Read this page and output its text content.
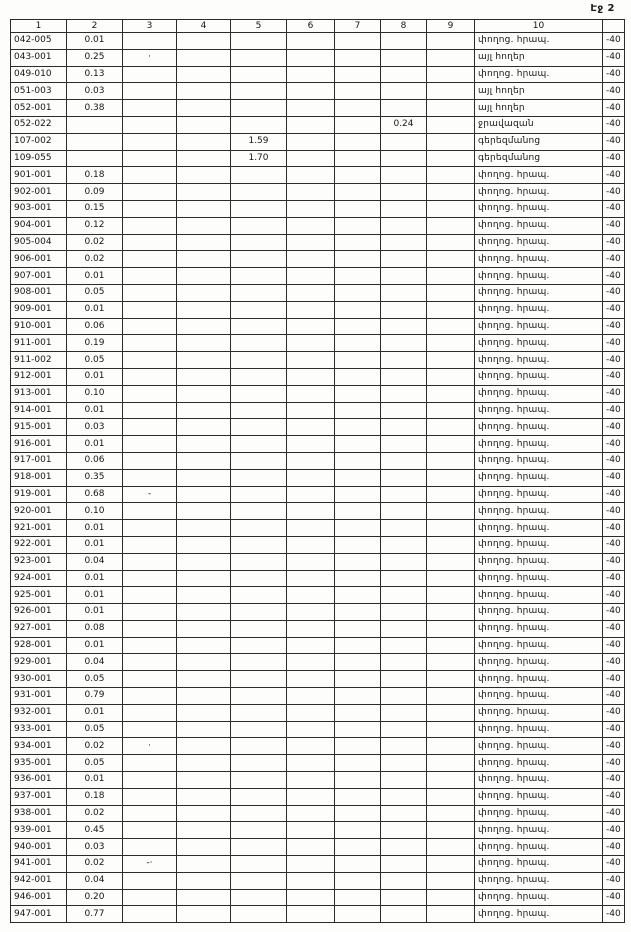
Էջ 2
1	2	3	4	5	6	7	8	9	10	
042-005	0.01								փողոց. հրապ.	-40
043-001	0.25	·							այլ հողեր	-40
049-010	0.13								փողոց. հրապ.	-40
051-003	0.03								այլ հողեր	-40
052-001	0.38								այլ հողեր	-40
052-022							0.24		ջրավազան	-40
107-002				1.59					գերեզմանոց	-40
109-055				1.70					գերեզմանոց	-40
901-001	0.18								փողոց. հրապ.	-40
902-001	0.09								փողոց. հրապ.	-40
903-001	0.15								փողոց. հրապ.	-40
904-001	0.12								փողոց. հրապ.	-40
905-004	0.02								փողոց. հրապ.	-40
906-001	0.02								փողոց. հրապ.	-40
907-001	0.01								փողոց. հրապ.	-40
908-001	0.05								փողոց. հրապ.	-40
909-001	0.01								փողոց. հրապ.	-40
910-001	0.06								փողոց. հրապ.	-40
911-001	0.19								փողոց. հրապ.	-40
911-002	0.05								փողոց. հրապ.	-40
912-001	0.01								փողոց. հրապ.	-40
913-001	0.10								փողոց. հրապ.	-40
914-001	0.01								փողոց. հրապ.	-40
915-001	0.03								փողոց. հրապ.	-40
916-001	0.01								փողոց. հրապ.	-40
917-001	0.06								փողոց. հրապ.	-40
918-001	0.35								փողոց. հրապ.	-40
919-001	0.68	-							փողոց. հրապ.	-40
920-001	0.10								փողոց. հրապ.	-40
921-001	0.01								փողոց. հրապ.	-40
922-001	0.01								փողոց. հրապ.	-40
923-001	0.04								փողոց. հրապ.	-40
924-001	0.01								փողոց. հրապ.	-40
925-001	0.01								փողոց. հրապ.	-40
926-001	0.01								փողոց. հրապ.	-40
927-001	0.08								փողոց. հրապ.	-40
928-001	0.01								փողոց. հրապ.	-40
929-001	0.04								փողոց. հրապ.	-40
930-001	0.05								փողոց. հրապ.	-40
931-001	0.79								փողոց. հրապ.	-40
932-001	0.01								փողոց. հրապ.	-40
933-001	0.05								փողոց. հրապ.	-40
934-001	0.02	·							փողոց. հրապ.	-40
935-001	0.05								փողոց. հրապ.	-40
936-001	0.01								փողոց. հրապ.	-40
937-001	0.18								փողոց. հրապ.	-40
938-001	0.02								փողոց. հրապ.	-40
939-001	0.45								փողոց. հրապ.	-40
940-001	0.03								փողոց. հրապ.	-40
941-001	0.02	-·							փողոց. հրապ.	-40
942-001	0.04								փողոց. հրապ.	-40
946-001	0.20								փողոց. հրապ.	-40
947-001	0.77								փողոց. հրապ.	-40
